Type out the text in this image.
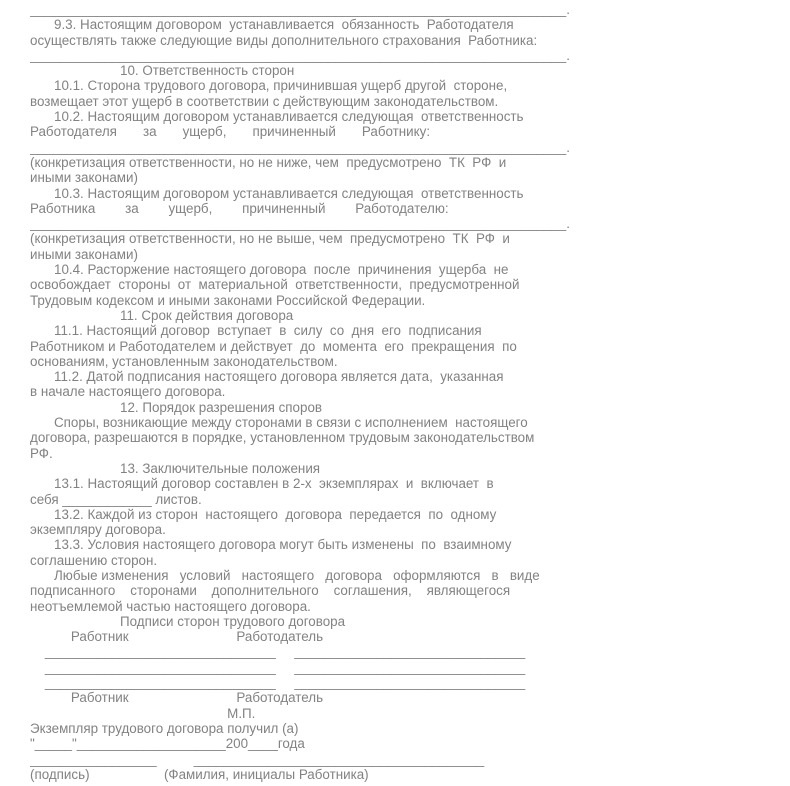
________________________________________________________________________.
9.3. Настоящим договором  устанавливается  обязанность  Работодателя
осуществлять также следующие виды дополнительного страхования  Работника:
________________________________________________________________________.
10. Ответственность сторон
10.1. Сторона трудового договора, причинившая ущерб другой  стороне,
возмещает этот ущерб в соответствии с действующим законодательством.
10.2. Настоящим договором устанавливается следующая  ответственность
Работодателя       за       ущерб,       причиненный       Работнику:
________________________________________________________________________.
(конкретизация ответственности, но не ниже, чем  предусмотрено  ТК  РФ  и
иными законами)
10.3. Настоящим договором устанавливается следующая  ответственность
Работника        за        ущерб,        причиненный        Работодателю:
________________________________________________________________________.
(конкретизация ответственности, но не выше, чем  предусмотрено  ТК  РФ  и
иными законами)
10.4. Расторжение настоящего договора  после  причинения  ущерба  не
освобождает  стороны  от  материальной  ответственности,  предусмотренной
Трудовым кодексом и иными законами Российской Федерации.
11. Срок действия договора
11.1. Настоящий договор  вступает  в  силу  со  дня  его  подписания
Работником и Работодателем и действует  до  момента  его  прекращения  по
основаниям, установленным законодательством.
11.2. Датой подписания настоящего договора является дата,  указанная
в начале настоящего договора.
12. Порядок разрешения споров
Споры, возникающие между сторонами в связи с исполнением  настоящего
договора, разрешаются в порядке, установленном трудовым законодательством
РФ.
13. Заключительные положения
13.1. Настоящий договор составлен в 2-х  экземплярах  и  включает  в
себя ____________ листов.
13.2. Каждой из сторон  настоящего  договора  передается  по  одному
экземпляру договора.
13.3. Условия настоящего договора могут быть изменены  по  взаимному
соглашению сторон.
Любые изменения   условий   настоящего   договора   оформляются   в   виде
подписанного    сторонами    дополнительного    соглашения,    являющегося
неотъемлемой частью настоящего договора.
Подписи сторон трудового договора
Работник                             Работодатель
_______________________________     _______________________________
_______________________________     _______________________________
_______________________________     _______________________________
Работник                             Работодатель
М.П.
Экземпляр трудового договора получил (а)
"_____"____________________200____года
_________________          _______________________________________
(подпись)                    (Фамилия, инициалы Работника)
